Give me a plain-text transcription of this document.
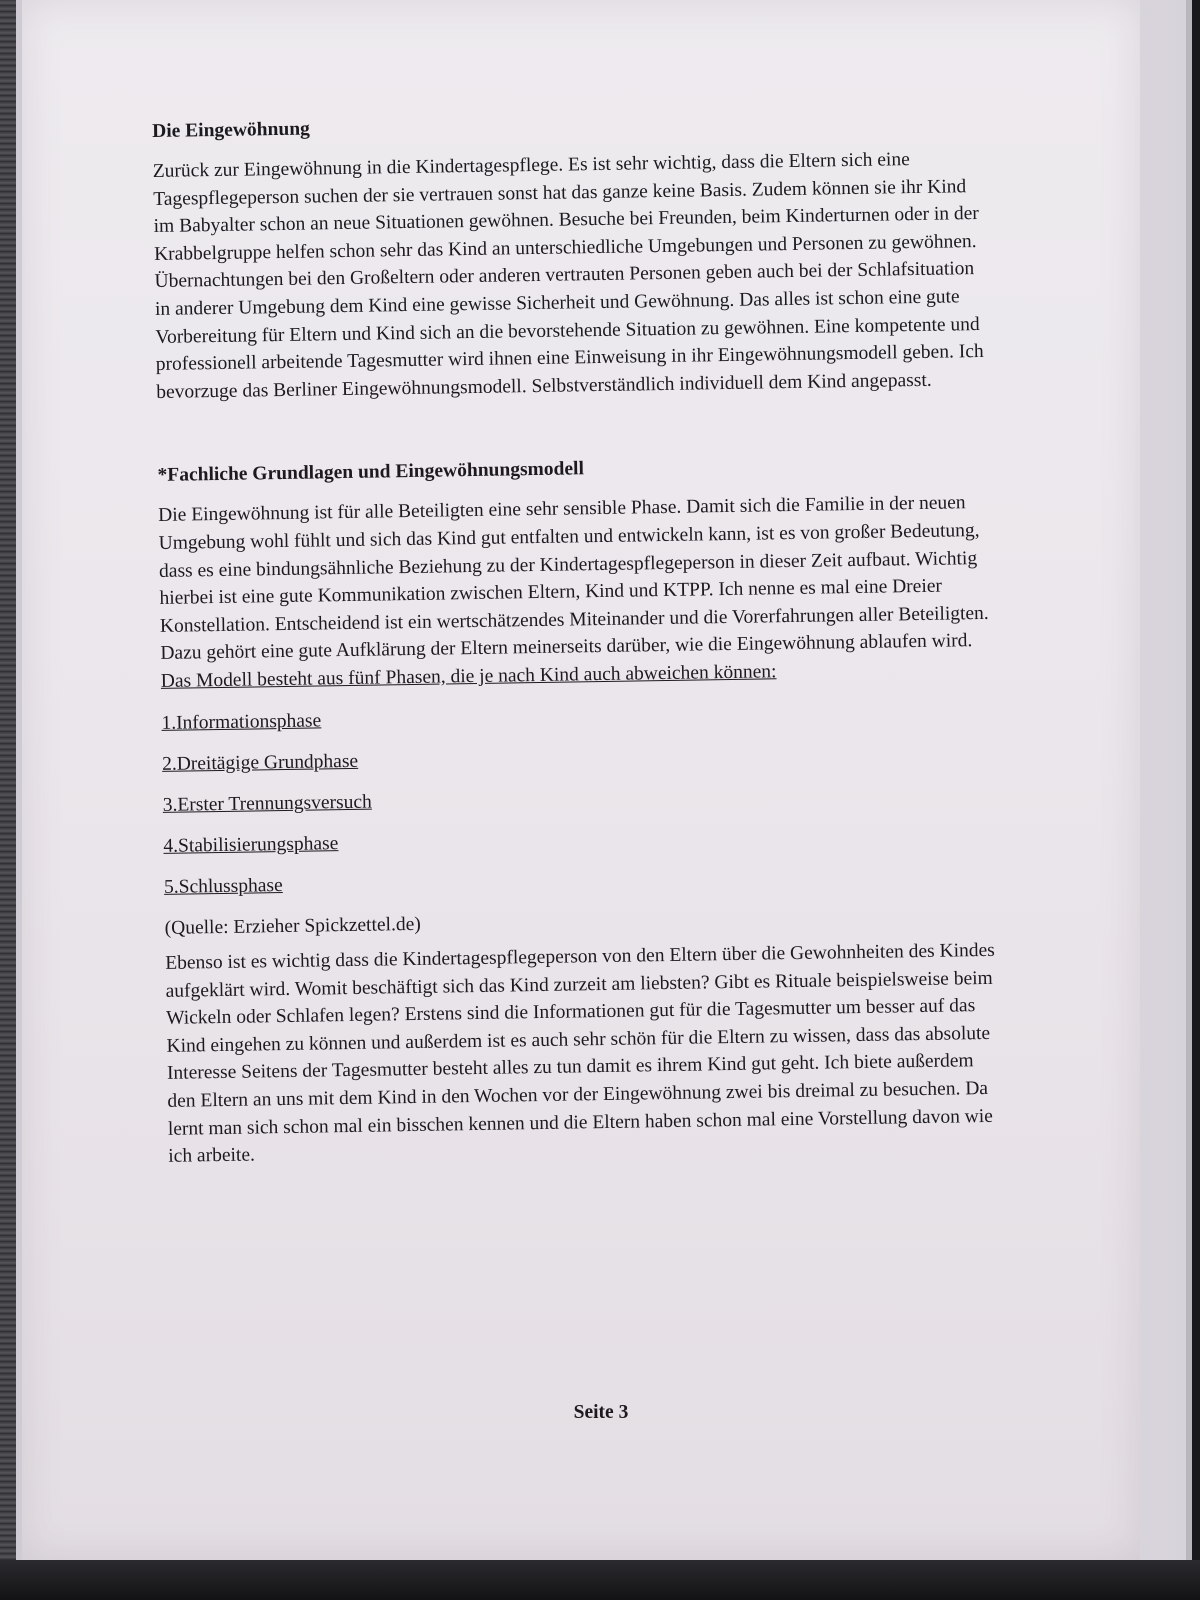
Die Eingewöhnung

Zurück zur Eingewöhnung in die Kindertagespflege. Es ist sehr wichtig, dass die Eltern sich eine Tagespflegeperson suchen der sie vertrauen sonst hat das ganze keine Basis. Zudem können sie ihr Kind im Babyalter schon an neue Situationen gewöhnen. Besuche bei Freunden, beim Kinderturnen oder in der Krabbelgruppe helfen schon sehr das Kind an unterschiedliche Umgebungen und Personen zu gewöhnen. Übernachtungen bei den Großeltern oder anderen vertrauten Personen geben auch bei der Schlafsituation in anderer Umgebung dem Kind eine gewisse Sicherheit und Gewöhnung. Das alles ist schon eine gute Vorbereitung für Eltern und Kind sich an die bevorstehende Situation zu gewöhnen. Eine kompetente und professionell arbeitende Tagesmutter wird ihnen eine Einweisung in ihr Eingewöhnungsmodell geben. Ich bevorzuge das Berliner Eingewöhnungsmodell. Selbstverständlich individuell dem Kind angepasst.

*Fachliche Grundlagen und Eingewöhnungsmodell

Die Eingewöhnung ist für alle Beteiligten eine sehr sensible Phase. Damit sich die Familie in der neuen Umgebung wohl fühlt und sich das Kind gut entfalten und entwickeln kann, ist es von großer Bedeutung, dass es eine bindungsähnliche Beziehung zu der Kindertagespflegeperson in dieser Zeit aufbaut. Wichtig hierbei ist eine gute Kommunikation zwischen Eltern, Kind und KTPP. Ich nenne es mal eine Dreier Konstellation. Entscheidend ist ein wertschätzendes Miteinander und die Vorerfahrungen aller Beteiligten. Dazu gehört eine gute Aufklärung der Eltern meinerseits darüber, wie die Eingewöhnung ablaufen wird.

Das Modell besteht aus fünf Phasen, die je nach Kind auch abweichen können:

1.Informationsphase
2.Dreitägige Grundphase
3.Erster Trennungsversuch
4.Stabilisierungsphase
5.Schlussphase

(Quelle: Erzieher Spickzettel.de)

Ebenso ist es wichtig dass die Kindertagespflegeperson von den Eltern über die Gewohnheiten des Kindes aufgeklärt wird. Womit beschäftigt sich das Kind zurzeit am liebsten? Gibt es Rituale beispielsweise beim Wickeln oder Schlafen legen? Erstens sind die Informationen gut für die Tagesmutter um besser auf das Kind eingehen zu können und außerdem ist es auch sehr schön für die Eltern zu wissen, dass das absolute Interesse Seitens der Tagesmutter besteht alles zu tun damit es ihrem Kind gut geht. Ich biete außerdem den Eltern an uns mit dem Kind in den Wochen vor der Eingewöhnung zwei bis dreimal zu besuchen. Da lernt man sich schon mal ein bisschen kennen und die Eltern haben schon mal eine Vorstellung davon wie ich arbeite.

Seite 3
